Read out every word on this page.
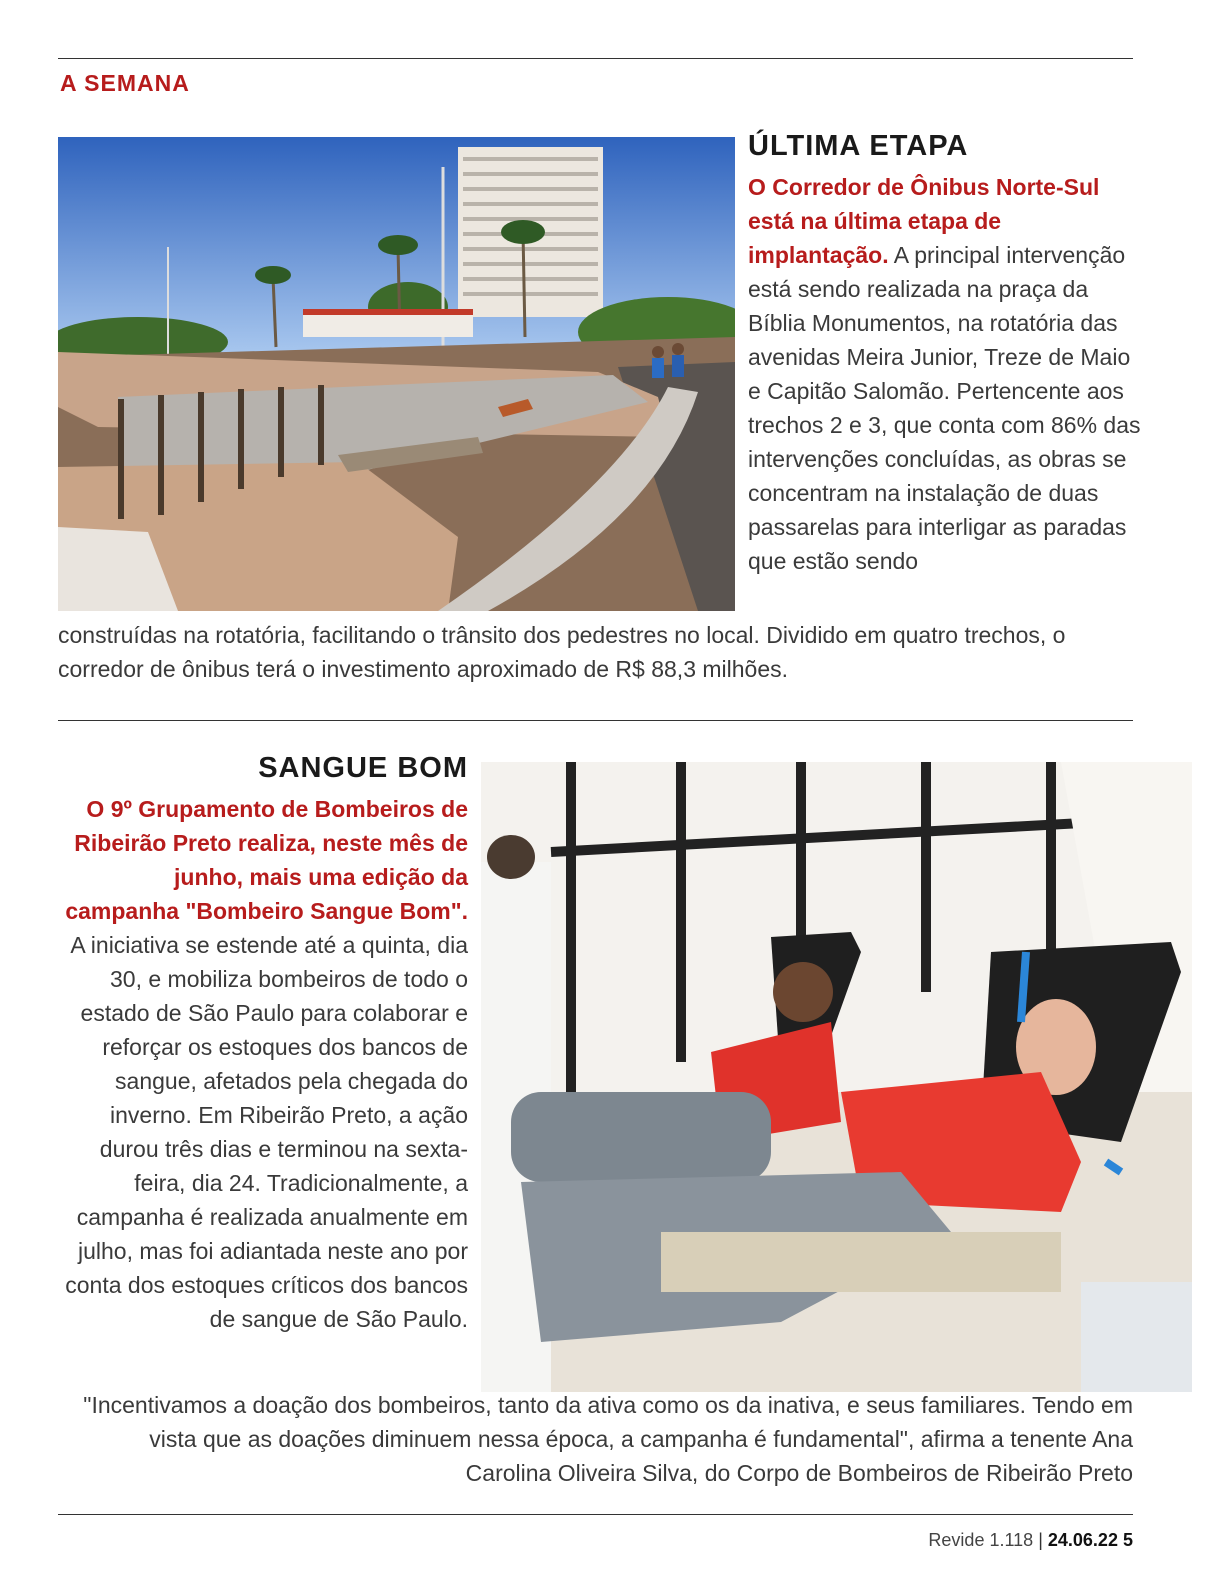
A SEMANA
ÚLTIMA ETAPA
O Corredor de Ônibus Norte-Sul está na última etapa de implantação. A principal intervenção está sendo realizada na praça da Bíblia Monumentos, na rotatória das avenidas Meira Junior, Treze de Maio e Capitão Salomão. Pertencente aos trechos 2 e 3, que conta com 86% das intervenções concluídas, as obras se concentram na instalação de duas passarelas para interligar as paradas que estão sendo
construídas na rotatória, facilitando o trânsito dos pedestres no local. Dividido em quatro trechos, o corredor de ônibus terá o investimento aproximado de R$ 88,3 milhões.
SANGUE BOM
O 9º Grupamento de Bombeiros de Ribeirão Preto realiza, neste mês de junho, mais uma edição da campanha "Bombeiro Sangue Bom". A iniciativa se estende até a quinta, dia 30, e mobiliza bombeiros de todo o estado de São Paulo para colaborar e reforçar os estoques dos bancos de sangue, afetados pela chegada do inverno. Em Ribeirão Preto, a ação durou três dias e terminou na sexta-feira, dia 24. Tradicionalmente, a campanha é realizada anualmente em julho, mas foi adiantada neste ano por conta dos estoques críticos dos bancos de sangue de São Paulo.
"Incentivamos a doação dos bombeiros, tanto da ativa como os da inativa, e seus familiares. Tendo em vista que as doações diminuem nessa época, a campanha é fundamental", afirma a tenente Ana Carolina Oliveira Silva, do Corpo de Bombeiros de Ribeirão Preto
Revide 1.118 | 24.06.22 5
